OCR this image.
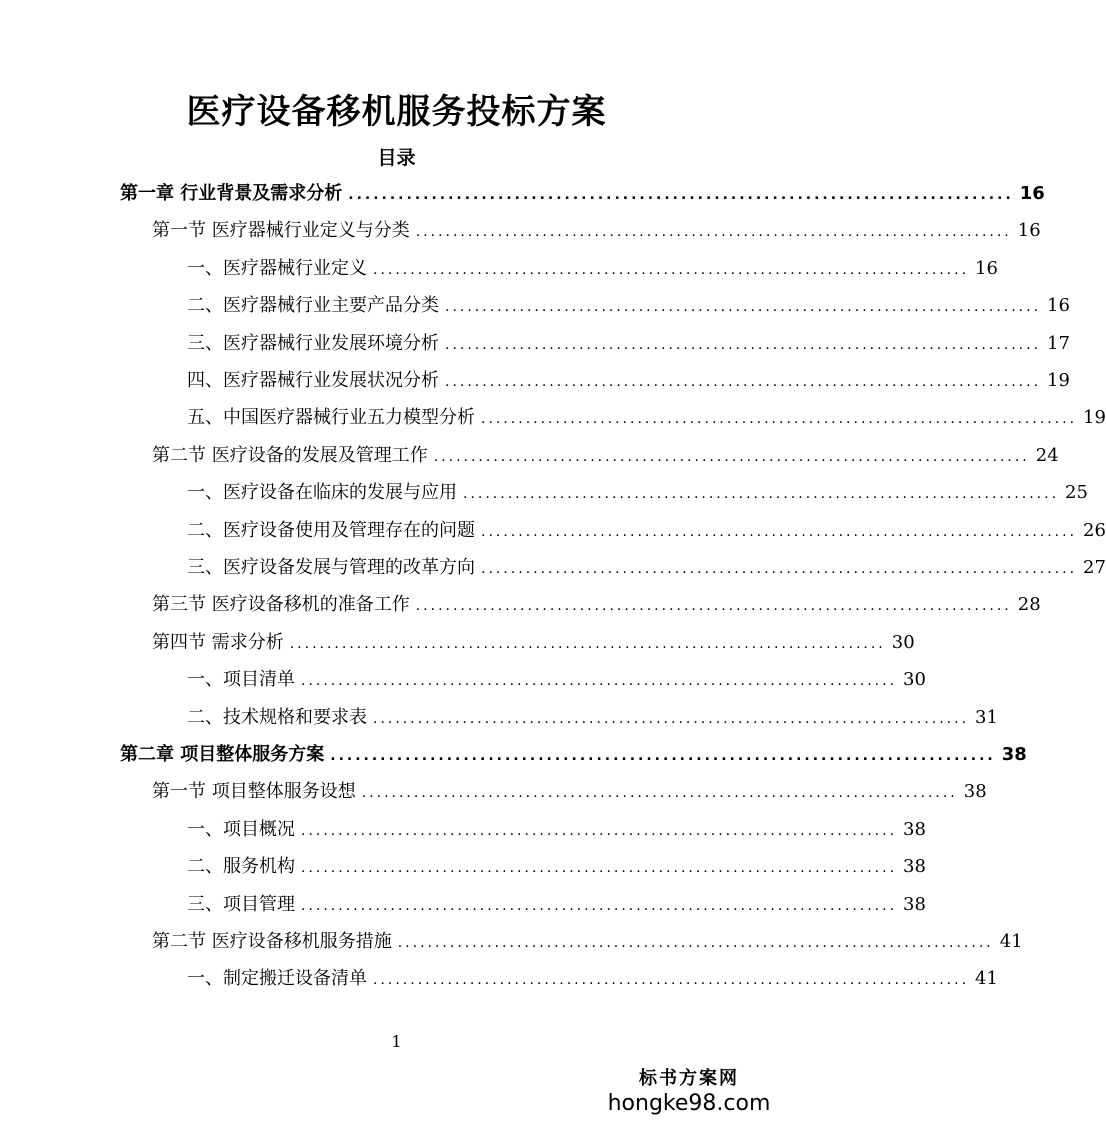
医疗设备移机服务投标方案
目录
第一章 行业背景及需求分析 ................................................................................ 16
第一节 医疗器械行业定义与分类 ................................................................................ 16
一、医疗器械行业定义 ................................................................................ 16
二、医疗器械行业主要产品分类 ................................................................................ 16
三、医疗器械行业发展环境分析 ................................................................................ 17
四、医疗器械行业发展状况分析 ................................................................................ 19
五、中国医疗器械行业五力模型分析 ................................................................................ 19
第二节 医疗设备的发展及管理工作 ................................................................................ 24
一、医疗设备在临床的发展与应用 ................................................................................ 25
二、医疗设备使用及管理存在的问题 ................................................................................ 26
三、医疗设备发展与管理的改革方向 ................................................................................ 27
第三节 医疗设备移机的准备工作 ................................................................................ 28
第四节 需求分析 ................................................................................ 30
一、项目清单 ................................................................................ 30
二、技术规格和要求表 ................................................................................ 31
第二章 项目整体服务方案 ................................................................................ 38
第一节 项目整体服务设想 ................................................................................ 38
一、项目概况 ................................................................................ 38
二、服务机构 ................................................................................ 38
三、项目管理 ................................................................................ 38
第二节 医疗设备移机服务措施 ................................................................................ 41
一、制定搬迁设备清单 ................................................................................ 41
1
标书方案网
hongke98.com
